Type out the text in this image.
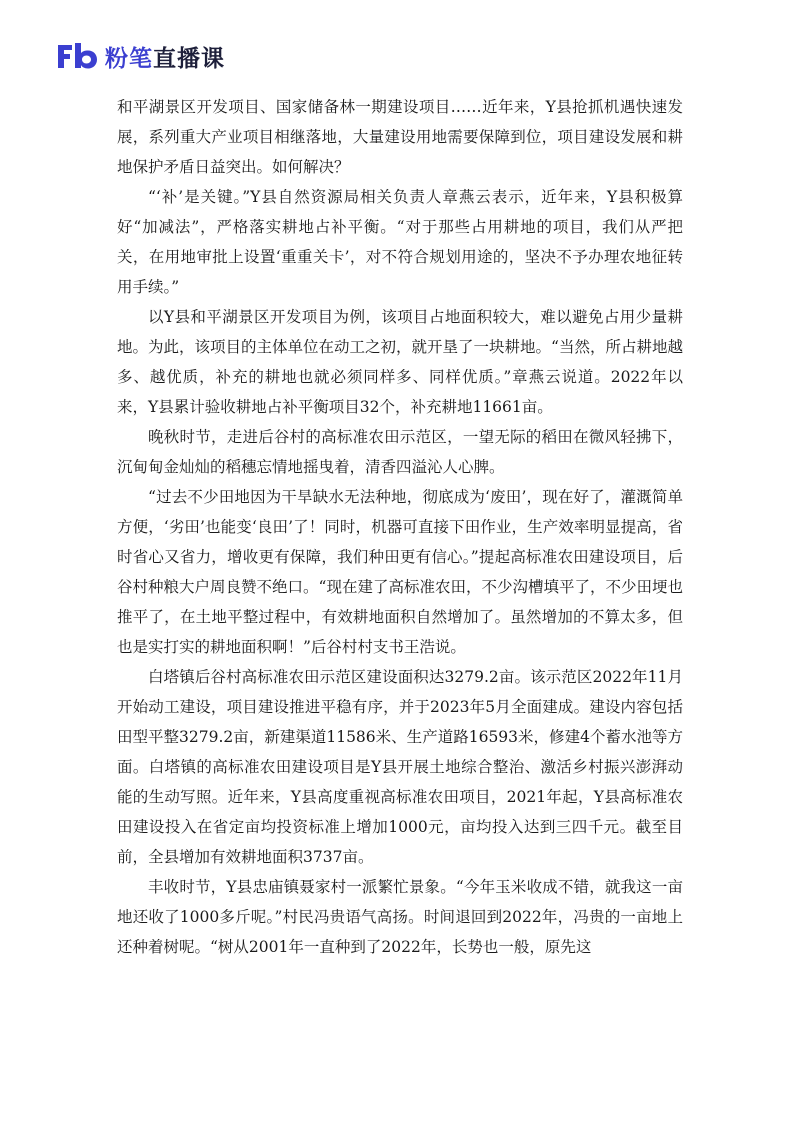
粉笔直播课

和平湖景区开发项目、国家储备林一期建设项目……近年来，Y县抢抓机遇快速发展，系列重大产业项目相继落地，大量建设用地需要保障到位，项目建设发展和耕地保护矛盾日益突出。如何解决？

“‘补’是关键。”Y县自然资源局相关负责人章燕云表示，近年来，Y县积极算好“加减法”，严格落实耕地占补平衡。“对于那些占用耕地的项目，我们从严把关，在用地审批上设置‘重重关卡’，对不符合规划用途的，坚决不予办理农地征转用手续。”

以Y县和平湖景区开发项目为例，该项目占地面积较大，难以避免占用少量耕地。为此，该项目的主体单位在动工之初，就开垦了一块耕地。“当然，所占耕地越多、越优质，补充的耕地也就必须同样多、同样优质。”章燕云说道。2022年以来，Y县累计验收耕地占补平衡项目32个，补充耕地11661亩。

晚秋时节，走进后谷村的高标准农田示范区，一望无际的稻田在微风轻拂下，沉甸甸金灿灿的稻穗忘情地摇曳着，清香四溢沁人心脾。

“过去不少田地因为干旱缺水无法种地，彻底成为‘废田’，现在好了，灌溉简单方便，‘劣田’也能变‘良田’了！同时，机器可直接下田作业，生产效率明显提高，省时省心又省力，增收更有保障，我们种田更有信心。”提起高标准农田建设项目，后谷村种粮大户周良赞不绝口。“现在建了高标准农田，不少沟槽填平了，不少田埂也推平了，在土地平整过程中，有效耕地面积自然增加了。虽然增加的不算太多，但也是实打实的耕地面积啊！”后谷村村支书王浩说。

白塔镇后谷村高标准农田示范区建设面积达3279.2亩。该示范区2022年11月开始动工建设，项目建设推进平稳有序，并于2023年5月全面建成。建设内容包括田型平整3279.2亩，新建渠道11586米、生产道路16593米，修建4个蓄水池等方面。白塔镇的高标准农田建设项目是Y县开展土地综合整治、激活乡村振兴澎湃动能的生动写照。近年来，Y县高度重视高标准农田项目，2021年起，Y县高标准农田建设投入在省定亩均投资标准上增加1000元，亩均投入达到三四千元。截至目前，全县增加有效耕地面积3737亩。

丰收时节，Y县忠庙镇聂家村一派繁忙景象。“今年玉米收成不错，就我这一亩地还收了1000多斤呢。”村民冯贵语气高扬。时间退回到2022年，冯贵的一亩地上还种着树呢。“树从2001年一直种到了2022年，长势也一般，原先这
